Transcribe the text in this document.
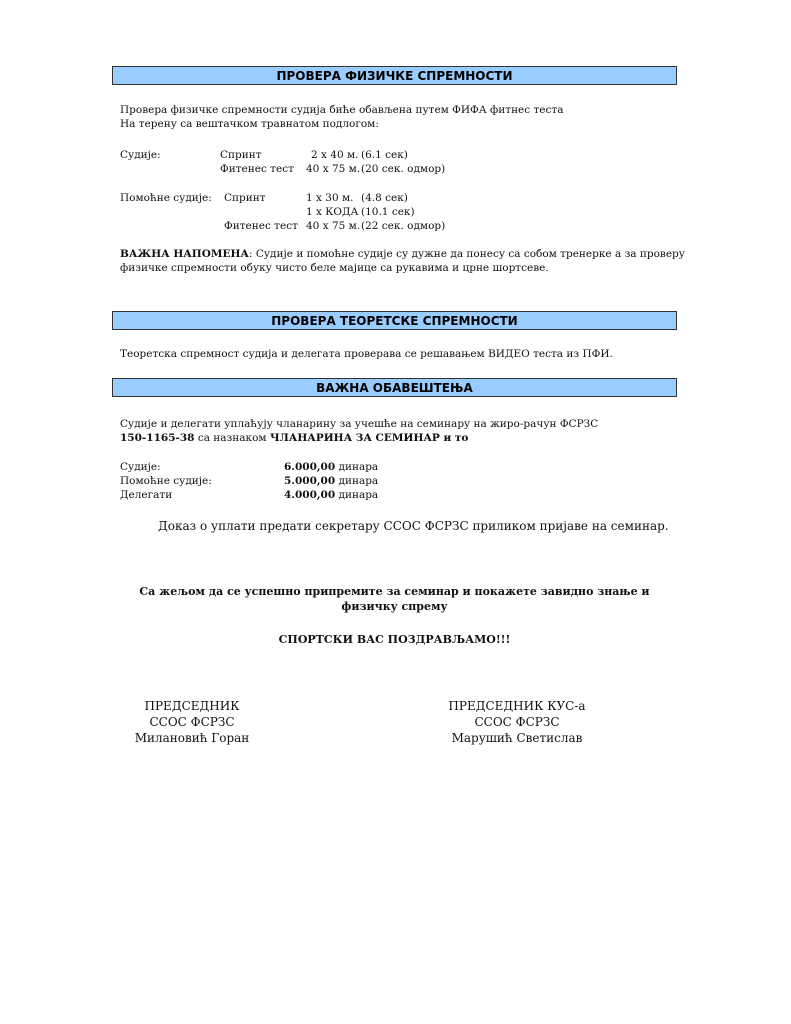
ПРОВЕРА ФИЗИЧКЕ СПРЕМНОСТИ
Провера физичке спремности судија биће обављена путем ФИФА фитнес теста
На терену са вештачком травнатом подлогом:
Судије:	Спринт	2 х 40 м. (6.1 сек)
Фитенес тест 40 х 75 м. (20 сек. одмор)
Помоћне судије: Спринт	1 х 30 м. (4.8 сек)
1 х КОДА (10.1 сек)
Фитенес тест 40 х 75 м. (22 сек. одмор)
ВАЖНА НАПОМЕНА: Судије и помоћне судије су дужне да понесу са собом тренерке а за проверу
физичке спремности обуку чисто беле мајице са рукавима и црне шортсеве.
ПРОВЕРА ТЕОРЕТСКЕ СПРЕМНОСТИ
Теоретска спремност судија и делегата проверава се решавањем ВИДЕО теста из ПФИ.
ВАЖНА ОБАВЕШТЕЊА
Судије и делегати уплаћују чланарину за учешће на семинару на жиро-рачун ФСРЗС
150-1165-38 са назнаком ЧЛАНАРИНА ЗА СЕМИНАР и то
Судије:	6.000,00 динара
Помоћне судије:	5.000,00 динара
Делегати	4.000,00 динара
Доказ о уплати предати секретару ССОС ФСРЗС приликом пријаве на семинар.
Са жељом да се успешно припремите за семинар и покажете завидно знање и
физичку спрему
СПОРТСКИ ВАС ПОЗДРАВЉАМО!!!
ПРЕДСЕДНИК
ССОС ФСРЗС
Милановић Горан
ПРЕДСЕДНИК КУС-а
ССОС ФСРЗС
Марушић Светислав
